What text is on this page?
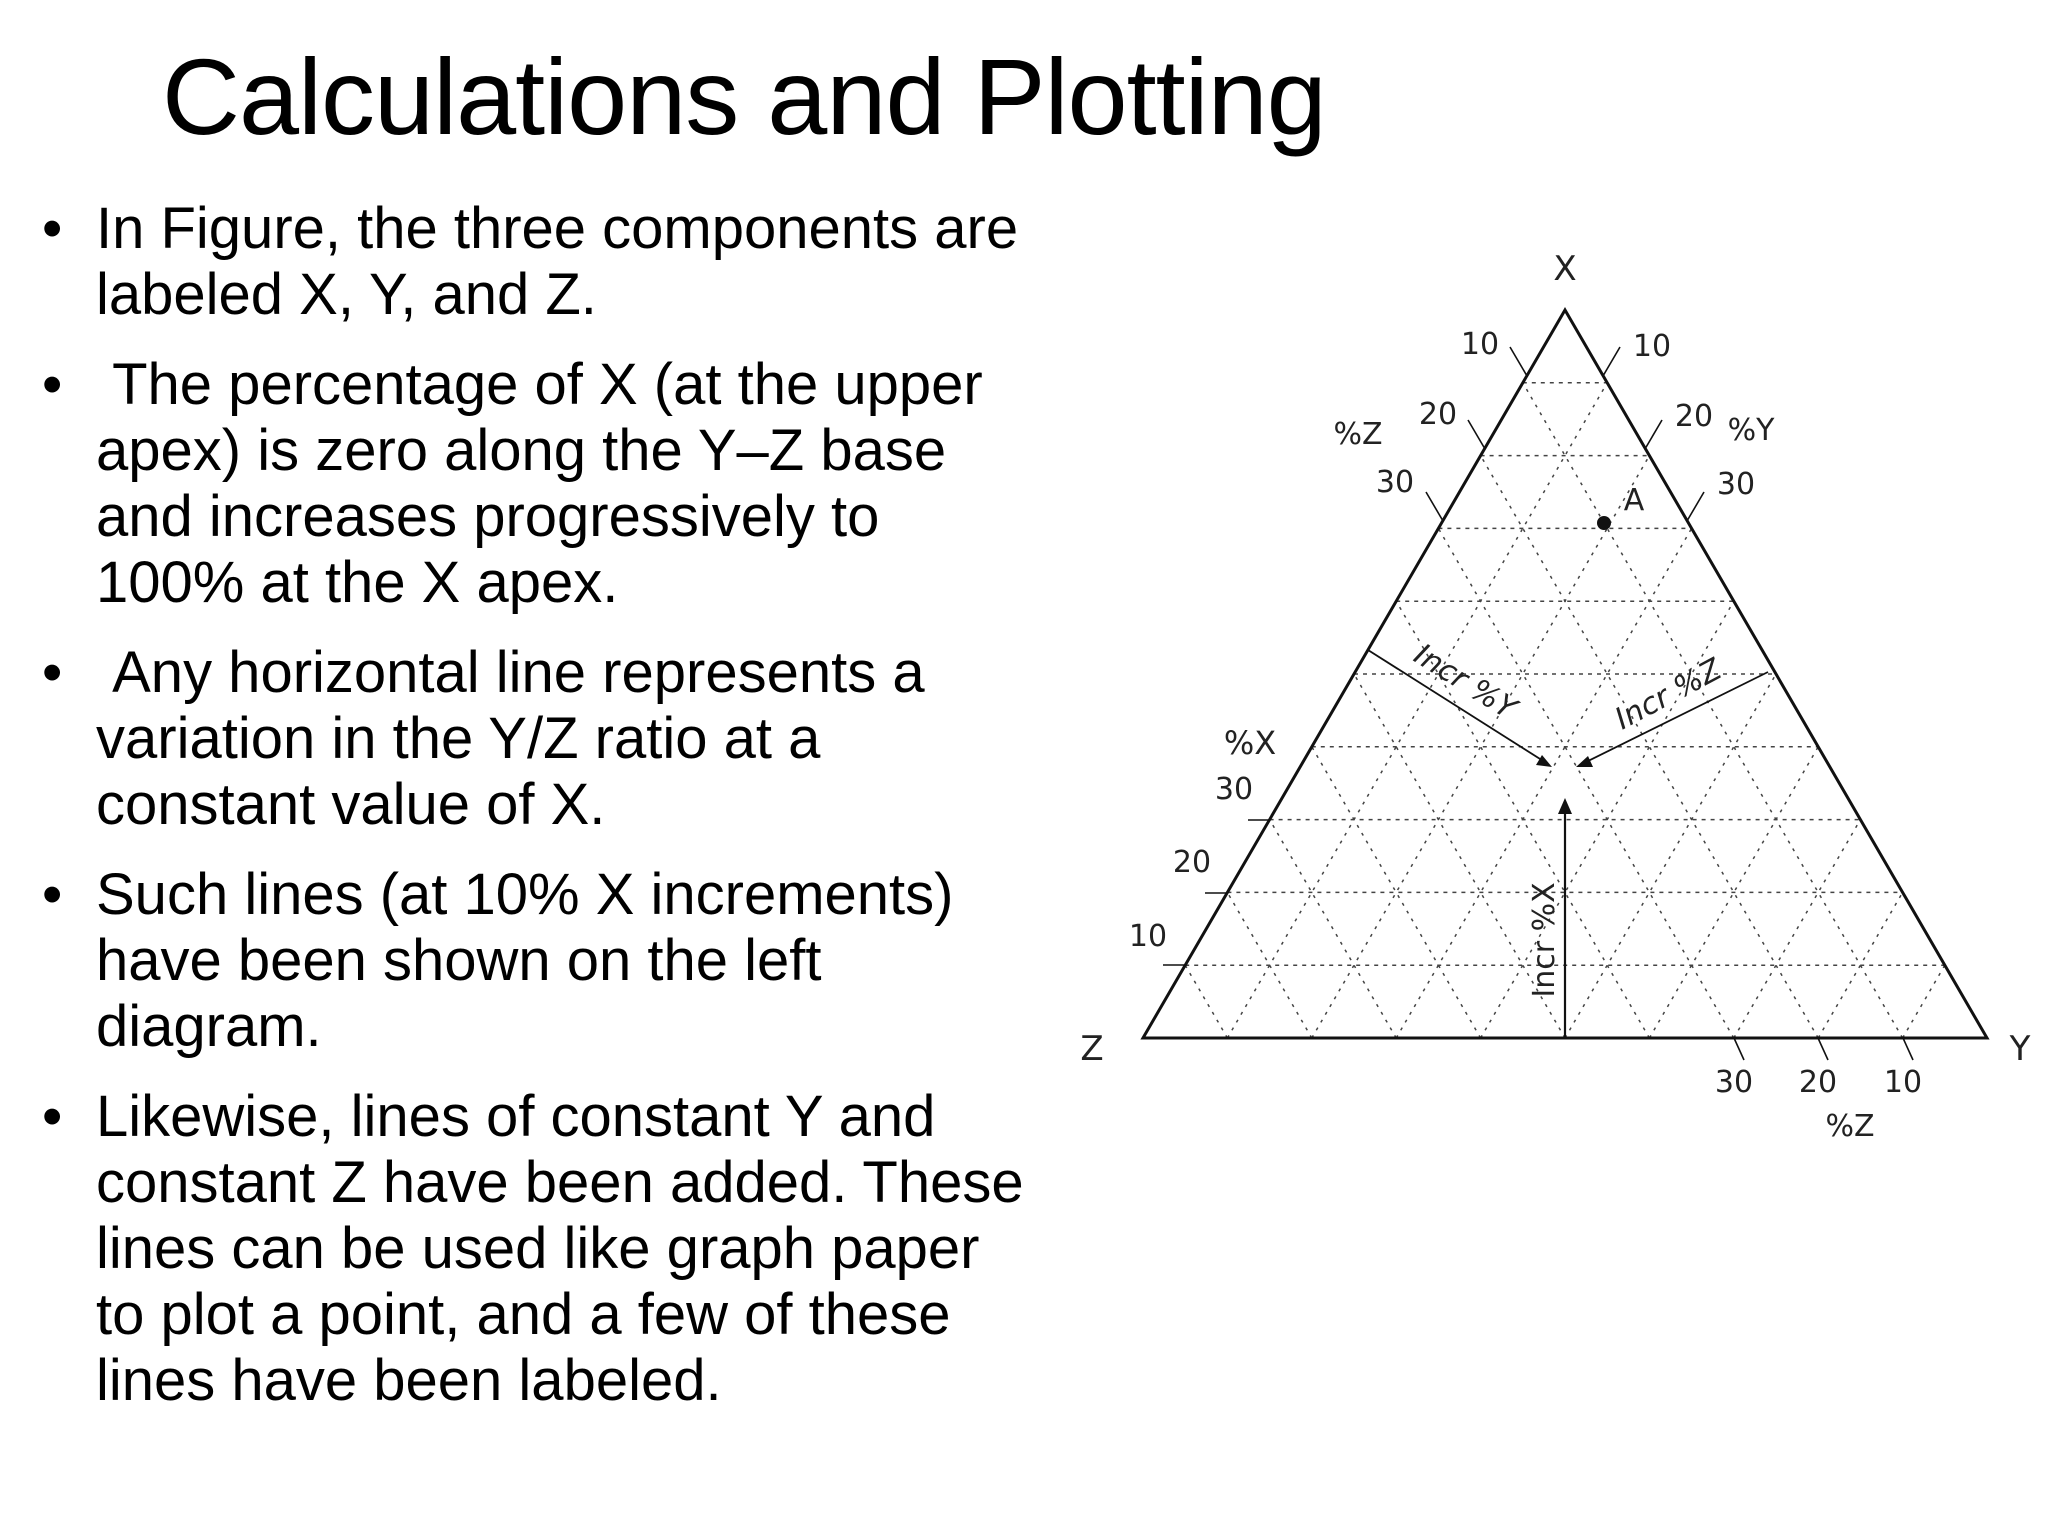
Calculations and Plotting
• In Figure, the three components are labeled X, Y, and Z.
• The percentage of X (at the upper apex) is zero along the Y–Z base and increases progressively to 100% at the X apex.
• Any horizontal line represents a variation in the Y/Z ratio at a constant value of X.
• Such lines (at 10% X increments) have been shown on the left diagram.
• Likewise, lines of constant Y and constant Z have been added. These lines can be used like graph paper to plot a point, and a few of these lines have been labeled.
X
Z	Y
10
20
30
%Z
10
20
30
%Y
%X
30
20
10
30 20 10
%Z
A
Incr %Y	Incr %Z
Incr %X
